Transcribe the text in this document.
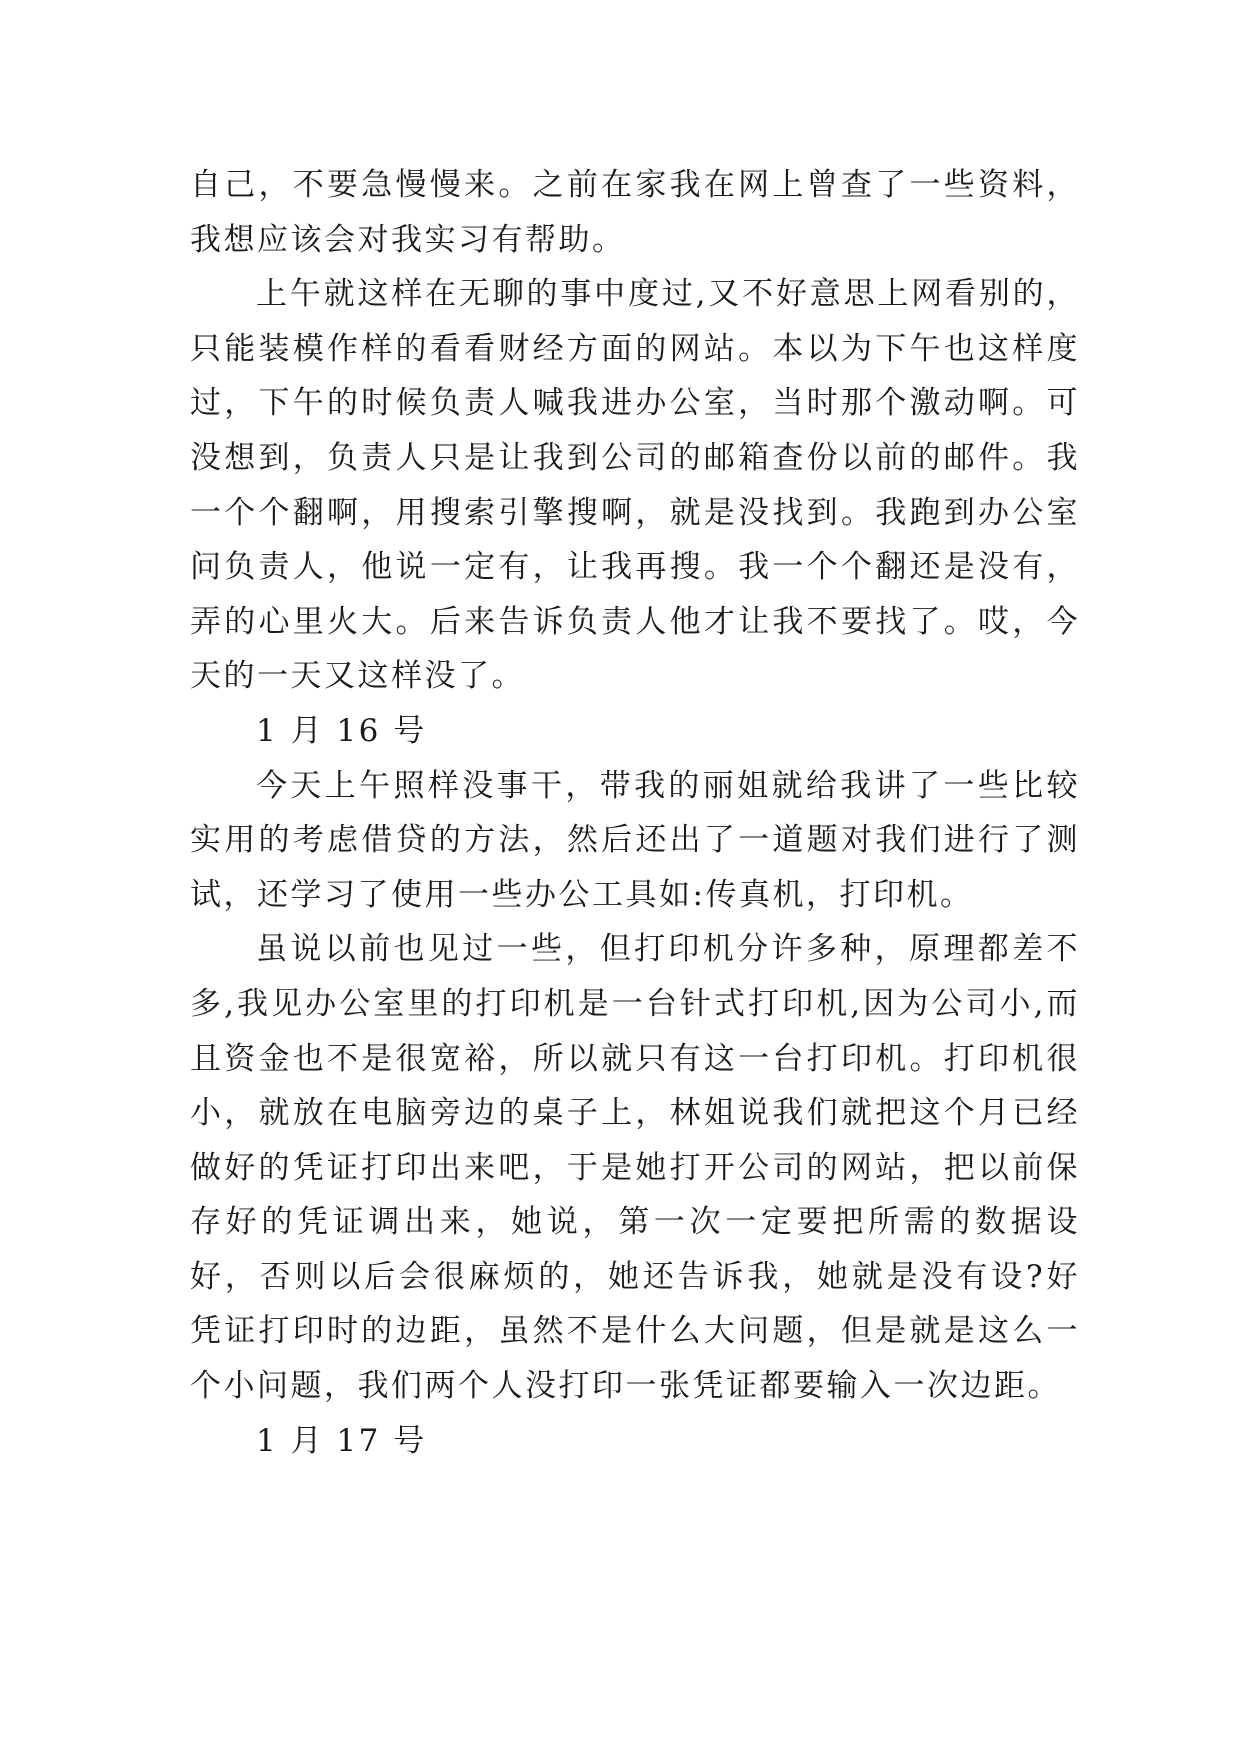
自己，不要急慢慢来。之前在家我在网上曾查了一些资料，我想应该会对我实习有帮助。

上午就这样在无聊的事中度过,又不好意思上网看别的，只能装模作样的看看财经方面的网站。本以为下午也这样度过，下午的时候负责人喊我进办公室，当时那个激动啊。可没想到，负责人只是让我到公司的邮箱查份以前的邮件。我一个个翻啊，用搜索引擎搜啊，就是没找到。我跑到办公室问负责人，他说一定有，让我再搜。我一个个翻还是没有，弄的心里火大。后来告诉负责人他才让我不要找了。哎，今天的一天又这样没了。

1 月 16 号

今天上午照样没事干，带我的丽姐就给我讲了一些比较实用的考虑借贷的方法，然后还出了一道题对我们进行了测试，还学习了使用一些办公工具如:传真机，打印机。

虽说以前也见过一些，但打印机分许多种，原理都差不多,我见办公室里的打印机是一台针式打印机,因为公司小,而且资金也不是很宽裕，所以就只有这一台打印机。打印机很小，就放在电脑旁边的桌子上，林姐说我们就把这个月已经做好的凭证打印出来吧，于是她打开公司的网站，把以前保存好的凭证调出来，她说，第一次一定要把所需的数据设好，否则以后会很麻烦的，她还告诉我，她就是没有设?好凭证打印时的边距，虽然不是什么大问题，但是就是这么一个小问题，我们两个人没打印一张凭证都要输入一次边距。

1 月 17 号
